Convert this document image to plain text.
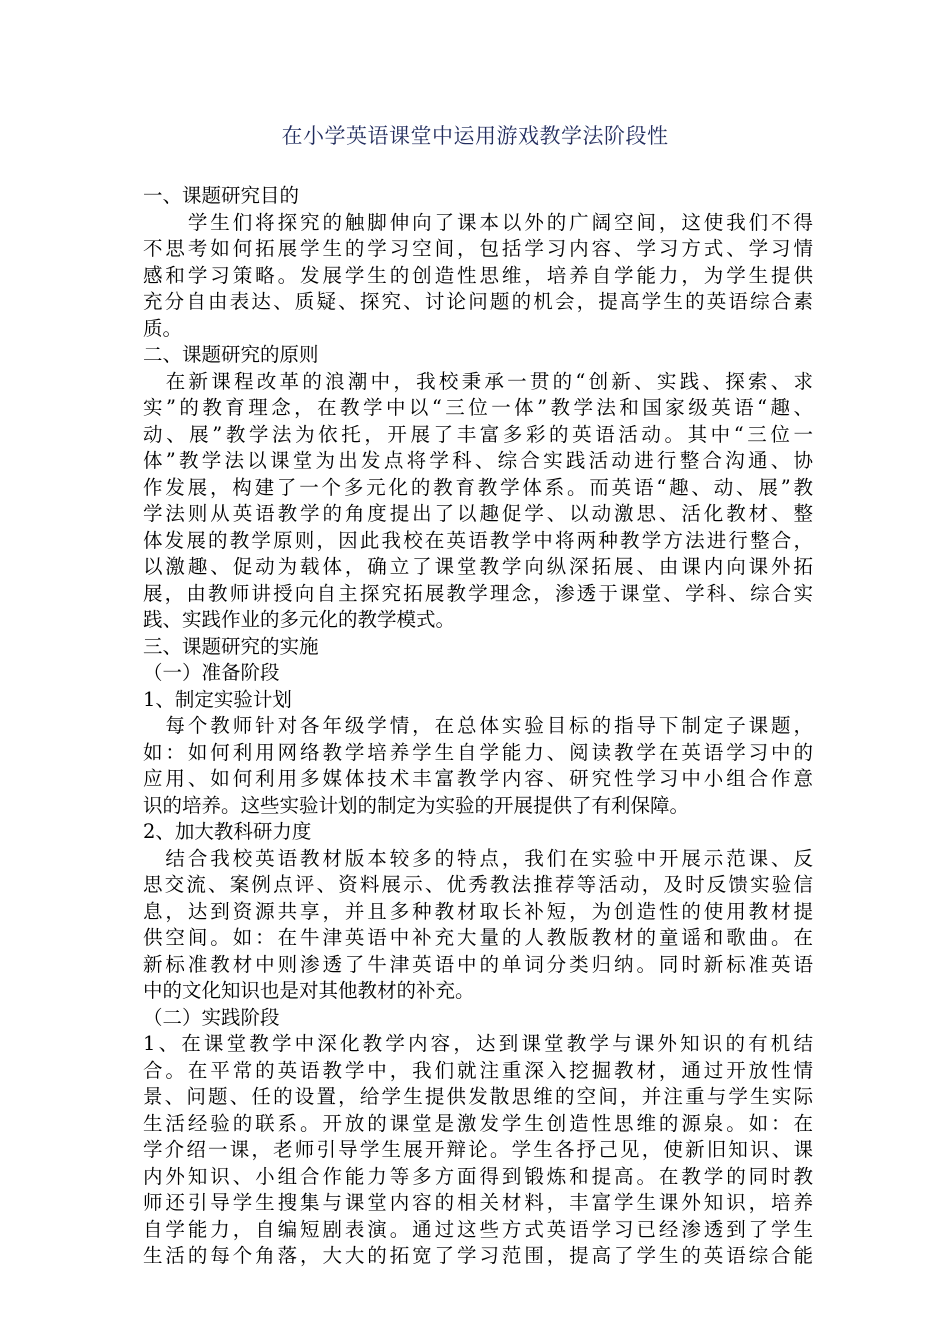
在小学英语课堂中运用游戏教学法阶段性
一、课题研究目的
　　学生们将探究的触脚伸向了课本以外的广阔空间，这使我们不得
不思考如何拓展学生的学习空间，包括学习内容、学习方式、学习情
感和学习策略。发展学生的创造性思维，培养自学能力，为学生提供
充分自由表达、质疑、探究、讨论问题的机会，提高学生的英语综合素
质。
二、课题研究的原则
　在新课程改革的浪潮中，我校秉承一贯的“创新、实践、探索、求
实”的教育理念，在教学中以“三位一体”教学法和国家级英语“趣、
动、展”教学法为依托，开展了丰富多彩的英语活动。其中“三位一
体”教学法以课堂为出发点将学科、综合实践活动进行整合沟通、协
作发展，构建了一个多元化的教育教学体系。而英语“趣、动、展”教
学法则从英语教学的角度提出了以趣促学、以动激思、活化教材、整
体发展的教学原则，因此我校在英语教学中将两种教学方法进行整合，
以激趣、促动为载体，确立了课堂教学向纵深拓展、由课内向课外拓
展，由教师讲授向自主探究拓展教学理念，渗透于课堂、学科、综合实
践、实践作业的多元化的教学模式。
三、课题研究的实施
（一）准备阶段
1、制定实验计划
　每个教师针对各年级学情，在总体实验目标的指导下制定子课题，
如：如何利用网络教学培养学生自学能力、阅读教学在英语学习中的
应用、如何利用多媒体技术丰富教学内容、研究性学习中小组合作意
识的培养。这些实验计划的制定为实验的开展提供了有利保障。
2、加大教科研力度
　结合我校英语教材版本较多的特点，我们在实验中开展示范课、反
思交流、案例点评、资料展示、优秀教法推荐等活动，及时反馈实验信
息，达到资源共享，并且多种教材取长补短，为创造性的使用教材提
供空间。如：在牛津英语中补充大量的人教版教材的童谣和歌曲。在
新标准教材中则渗透了牛津英语中的单词分类归纳。同时新标准英语
中的文化知识也是对其他教材的补充。
（二）实践阶段
1、在课堂教学中深化教学内容，达到课堂教学与课外知识的有机结
合。在平常的英语教学中，我们就注重深入挖掘教材，通过开放性情
景、问题、任的设置，给学生提供发散思维的空间，并注重与学生实际
生活经验的联系。开放的课堂是激发学生创造性思维的源泉。如：在
学介绍一课，老师引导学生展开辩论。学生各抒己见，使新旧知识、课
内外知识、小组合作能力等多方面得到锻炼和提高。在教学的同时教
师还引导学生搜集与课堂内容的相关材料，丰富学生课外知识，培养
自学能力，自编短剧表演。通过这些方式英语学习已经渗透到了学生
生活的每个角落，大大的拓宽了学习范围，提高了学生的英语综合能
